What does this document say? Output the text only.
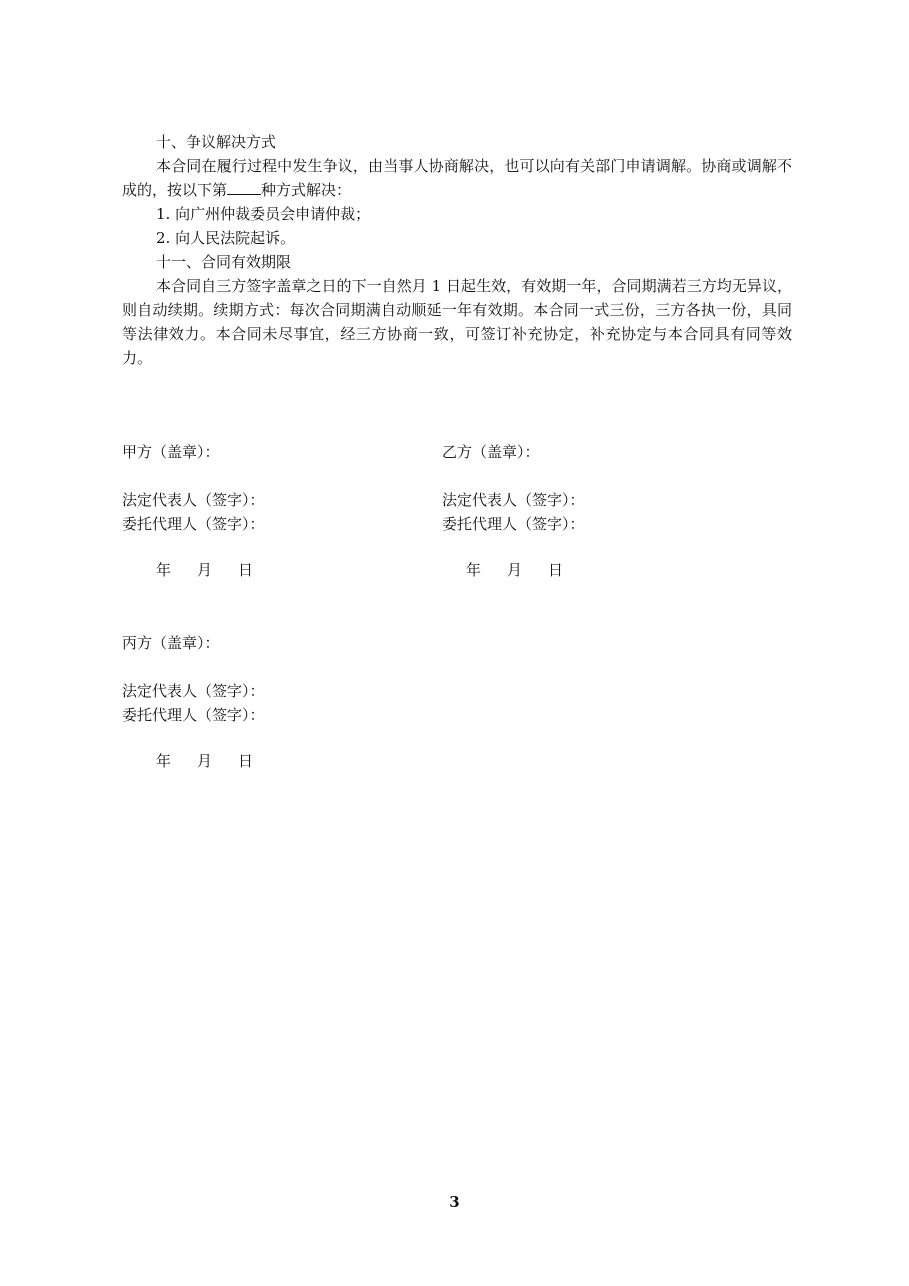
十、争议解决方式
本合同在履行过程中发生争议，由当事人协商解决，也可以向有关部门申请调解。协商或调解不成的，按以下第 种方式解决：
1. 向广州仲裁委员会申请仲裁；
2. 向人民法院起诉。
十一、合同有效期限
本合同自三方签字盖章之日的下一自然月 1 日起生效，有效期一年，合同期满若三方均无异议，则自动续期。续期方式：每次合同期满自动顺延一年有效期。本合同一式三份，三方各执一份，具同等法律效力。本合同未尽事宜，经三方协商一致，可签订补充协定，补充协定与本合同具有同等效力。
甲方（盖章）：
法定代表人（签字）：
委托代理人（签字）：
年 月 日
乙方（盖章）：
法定代表人（签字）：
委托代理人（签字）：
年 月 日
丙方（盖章）：
法定代表人（签字）：
委托代理人（签字）：
年 月 日
3
